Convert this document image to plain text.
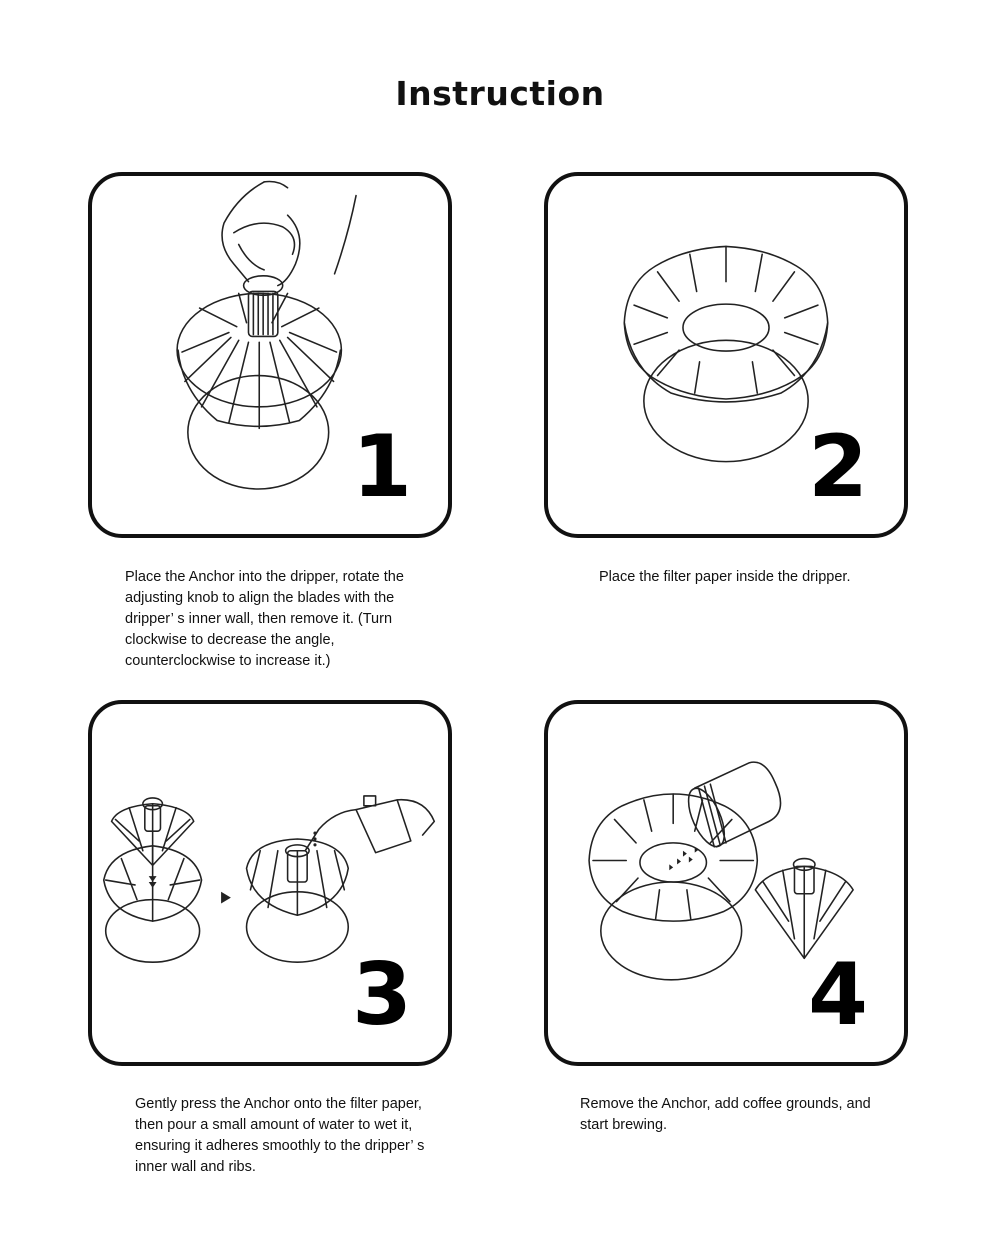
Instruction
1	2
3	4
Place the Anchor into the dripper, rotate the adjusting knob to align the blades with the dripper’ s inner wall, then remove it. (Turn clockwise to decrease the angle, counterclockwise to increase it.)
Place the filter paper inside the dripper.
Gently press the Anchor onto the filter paper, then pour a small amount of water to wet it, ensuring it adheres smoothly to the dripper’ s inner wall and ribs.
Remove the Anchor, add coffee grounds, and start brewing.
